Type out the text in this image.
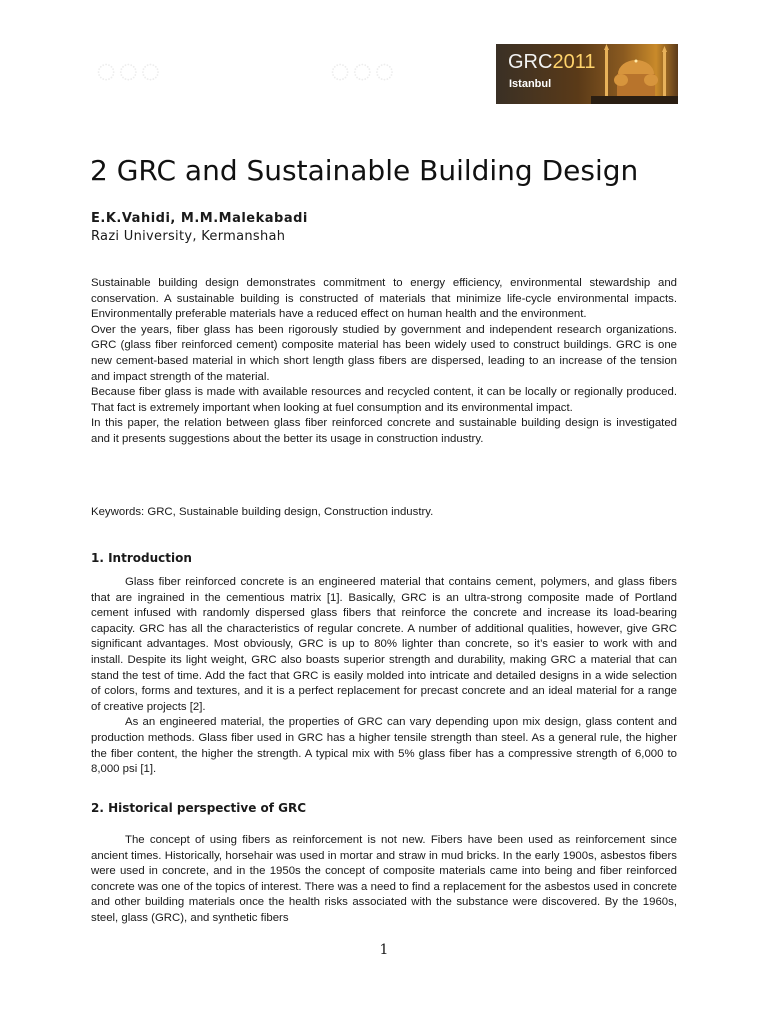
◌◌◌	◌◌◌	GRC2011
Istanbul
2 GRC and Sustainable Building Design
E.K.Vahidi, M.M.Malekabadi
Razi University, Kermanshah

Sustainable building design demonstrates commitment to energy efficiency, environmental stewardship and conservation. A sustainable building is constructed of materials that minimize life-cycle environmental impacts. Environmentally preferable materials have a reduced effect on human health and the environment.

Over the years, fiber glass has been rigorously studied by government and independent research organizations. GRC (glass fiber reinforced cement) composite material has been widely used to construct buildings. GRC is one new cement-based material in which short length glass fibers are dispersed, leading to an increase of the tension and impact strength of the material.

Because fiber glass is made with available resources and recycled content, it can be locally or regionally produced. That fact is extremely important when looking at fuel consumption and its environmental impact.

In this paper, the relation between glass fiber reinforced concrete and sustainable building design is investigated and it presents suggestions about the better its usage in construction industry.

Keywords: GRC, Sustainable building design, Construction industry.
1. Introduction

Glass fiber reinforced concrete is an engineered material that contains cement, polymers, and glass fibers that are ingrained in the cementious matrix [1]. Basically, GRC is an ultra-strong composite made of Portland cement infused with randomly dispersed glass fibers that reinforce the concrete and increase its load-bearing capacity. GRC has all the characteristics of regular concrete. A number of additional qualities, however, give GRC significant advantages. Most obviously, GRC is up to 80% lighter than concrete, so it’s easier to work with and install. Despite its light weight, GRC also boasts superior strength and durability, making GRC a material that can stand the test of time. Add the fact that GRC is easily molded into intricate and detailed designs in a wide selection of colors, forms and textures, and it is a perfect replacement for precast concrete and an ideal material for a range of creative projects [2].

As an engineered material, the properties of GRC can vary depending upon mix design, glass content and production methods. Glass fiber used in GRC has a higher tensile strength than steel. As a general rule, the higher the fiber content, the higher the strength. A typical mix with 5% glass fiber has a compressive strength of 6,000 to 8,000 psi [1].

2. Historical perspective of GRC

The concept of using fibers as reinforcement is not new. Fibers have been used as reinforcement since ancient times. Historically, horsehair was used in mortar and straw in mud bricks. In the early 1900s, asbestos fibers were used in concrete, and in the 1950s the concept of composite materials came into being and fiber reinforced concrete was one of the topics of interest. There was a need to find a replacement for the asbestos used in concrete and other building materials once the health risks associated with the substance were discovered. By the 1960s, steel, glass (GRC), and synthetic fibers

1
